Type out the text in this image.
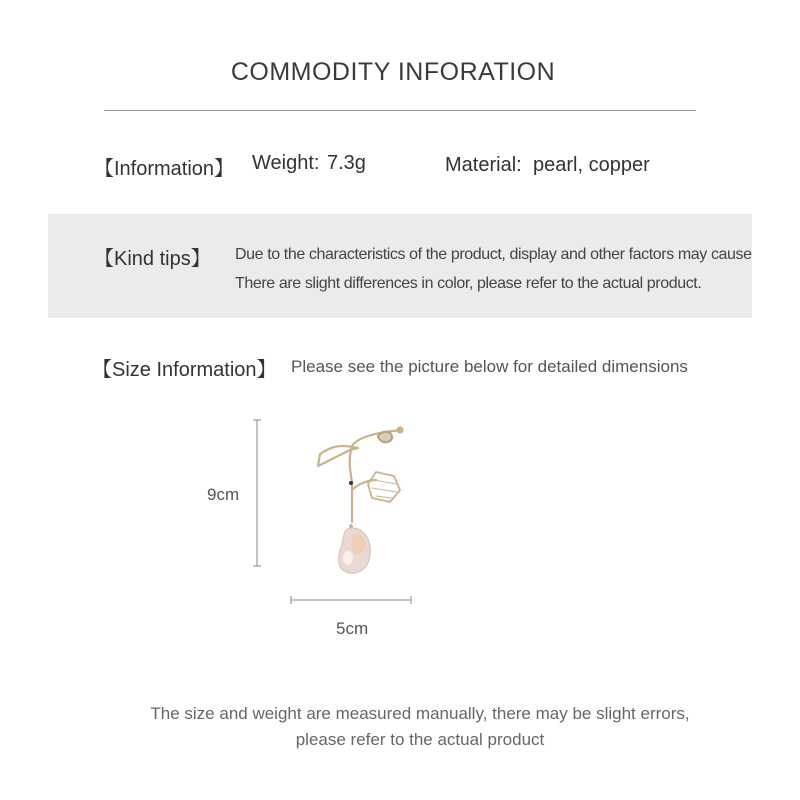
COMMODITY INFORATION
【Information】 Weight: 7.3g	Material: pearl, copper
【Kind tips】 Due to the characteristics of the product, display and other factors may cause
There are slight differences in color, please refer to the actual product.
【Size Information】 Please see the picture below for detailed dimensions
9cm
5cm
The size and weight are measured manually, there may be slight errors,
please refer to the actual product
